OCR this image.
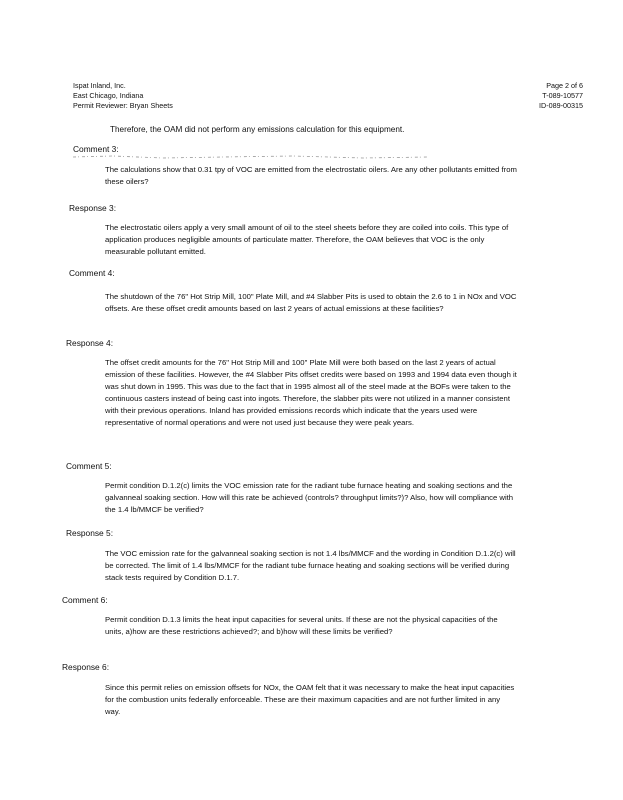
Ispat Inland, Inc.
East Chicago, Indiana
Permit Reviewer: Bryan Sheets
Page 2 of 6
T-089-10577
ID-089-00315
Therefore, the OAM did not perform any emissions calculation for this equipment.
Comment 3:
The calculations show that 0.31 tpy of VOC are emitted from the electrostatic oilers. Are any other pollutants emitted from these oilers?
Response 3:
The electrostatic oilers apply a very small amount of oil to the steel sheets before they are coiled into coils. This type of application produces negligible amounts of particulate matter. Therefore, the OAM believes that VOC is the only measurable pollutant emitted.
Comment 4:
The shutdown of the 76" Hot Strip Mill, 100" Plate Mill, and #4 Slabber Pits is used to obtain the 2.6 to 1 in NOx and VOC offsets. Are these offset credit amounts based on last 2 years of actual emissions at these facilities?
Response 4:
The offset credit amounts for the 76" Hot Strip Mill and 100" Plate Mill were both based on the last 2 years of actual emission of these facilities. However, the #4 Slabber Pits offset credits were based on 1993 and 1994 data even though it was shut down in 1995. This was due to the fact that in 1995 almost all of the steel made at the BOFs were taken to the continuous casters instead of being cast into ingots. Therefore, the slabber pits were not utilized in a manner consistent with their previous operations. Inland has provided emissions records which indicate that the years used were representative of normal operations and were not used just because they were peak years.
Comment 5:
Permit condition D.1.2(c) limits the VOC emission rate for the radiant tube furnace heating and soaking sections and the galvanneal soaking section. How will this rate be achieved (controls? throughput limits?)? Also, how will compliance with the 1.4 lb/MMCF be verified?
Response 5:
The VOC emission rate for the galvanneal soaking section is not 1.4 lbs/MMCF and the wording in Condition D.1.2(c) will be corrected. The limit of 1.4 lbs/MMCF for the radiant tube furnace heating and soaking sections will be verified during stack tests required by Condition D.1.7.
Comment 6:
Permit condition D.1.3 limits the heat input capacities for several units. If these are not the physical capacities of the units, a)how are these restrictions achieved?; and b)how will these limits be verified?
Response 6:
Since this permit relies on emission offsets for NOx, the OAM felt that it was necessary to make the heat input capacities for the combustion units federally enforceable. These are their maximum capacities and are not further limited in any way.
